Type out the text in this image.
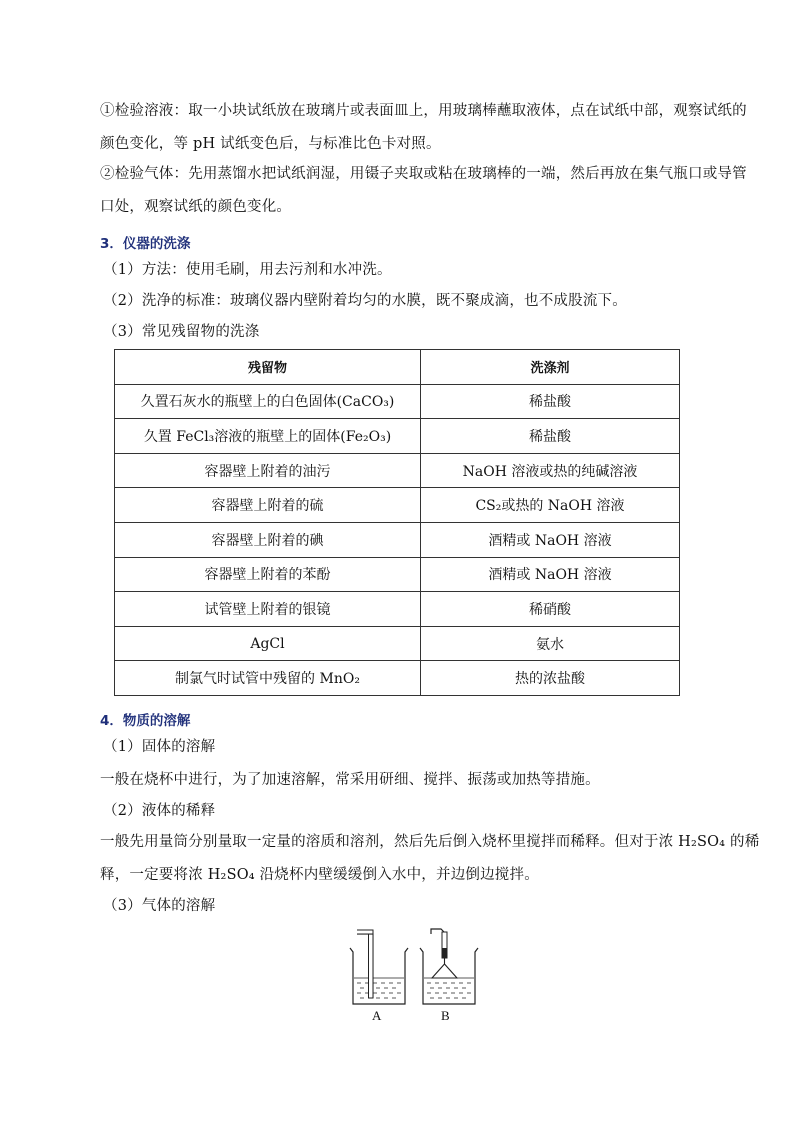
①检验溶液：取一小块试纸放在玻璃片或表面皿上，用玻璃棒蘸取液体，点在试纸中部，观察试纸的
颜色变化，等 pH 试纸变色后，与标准比色卡对照。
②检验气体：先用蒸馏水把试纸润湿，用镊子夹取或粘在玻璃棒的一端，然后再放在集气瓶口或导管
口处，观察试纸的颜色变化。
3．仪器的洗涤
（1）方法：使用毛刷，用去污剂和水冲洗。
（2）洗净的标准：玻璃仪器内壁附着均匀的水膜，既不聚成滴，也不成股流下。
（3）常见残留物的洗涤
残留物	洗涤剂
久置石灰水的瓶壁上的白色固体(CaCO₃)	稀盐酸
久置 FeCl₃溶液的瓶壁上的固体(Fe₂O₃)	稀盐酸
容器壁上附着的油污	NaOH 溶液或热的纯碱溶液
容器壁上附着的硫	CS₂或热的 NaOH 溶液
容器壁上附着的碘	酒精或 NaOH 溶液
容器壁上附着的苯酚	酒精或 NaOH 溶液
试管壁上附着的银镜	稀硝酸
AgCl	氨水
制氯气时试管中残留的 MnO₂	热的浓盐酸
4．物质的溶解
（1）固体的溶解
一般在烧杯中进行，为了加速溶解，常采用研细、搅拌、振荡或加热等措施。
（2）液体的稀释
一般先用量筒分别量取一定量的溶质和溶剂，然后先后倒入烧杯里搅拌而稀释。但对于浓 H₂SO₄ 的稀
释，一定要将浓 H₂SO₄ 沿烧杯内壁缓缓倒入水中，并边倒边搅拌。
（3）气体的溶解
A	B
